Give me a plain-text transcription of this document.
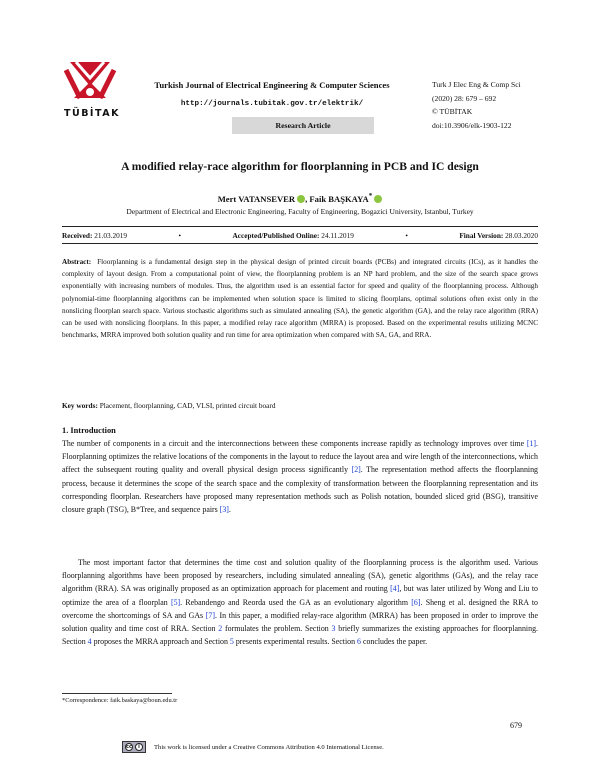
TÜBİTAK
Turkish Journal of Electrical Engineering & Computer Sciences
http://journals.tubitak.gov.tr/elektrik/
Research Article
Turk J Elec Eng & Comp Sci
(2020) 28: 679 – 692
© TÜBİTAK
doi:10.3906/elk-1903-122
A modified relay-race algorithm for floorplanning in PCB and IC design
Mert VATANSEVER , Faik BAŞKAYA*
Department of Electrical and Electronic Engineering, Faculty of Engineering, Bogazici University, Istanbul, Turkey
Received: 21.03.2019	•	Accepted/Published Online: 24.11.2019	•	Final Version: 28.03.2020
Abstract: Floorplanning is a fundamental design step in the physical design of printed circuit boards (PCBs) and integrated circuits (ICs), as it handles the complexity of layout design. From a computational point of view, the floorplanning problem is an NP hard problem, and the size of the search space grows exponentially with increasing numbers of modules. Thus, the algorithm used is an essential factor for speed and quality of the floorplanning process. Although polynomial-time floorplanning algorithms can be implemented when solution space is limited to slicing floorplans, optimal solutions often exist only in the nonslicing floorplan search space. Various stochastic algorithms such as simulated annealing (SA), the genetic algorithm (GA), and the relay race algorithm (RRA) can be used with nonslicing floorplans. In this paper, a modified relay race algorithm (MRRA) is proposed. Based on the experimental results utilizing MCNC benchmarks, MRRA improved both solution quality and run time for area optimization when compared with SA, GA, and RRA.
Key words: Placement, floorplanning, CAD, VLSI, printed circuit board
1. Introduction
The number of components in a circuit and the interconnections between these components increase rapidly as technology improves over time [1]. Floorplanning optimizes the relative locations of the components in the layout to reduce the layout area and wire length of the interconnections, which affect the subsequent routing quality and overall physical design process significantly [2]. The representation method affects the floorplanning process, because it determines the scope of the search space and the complexity of transformation between the floorplanning representation and its corresponding floorplan. Researchers have proposed many representation methods such as Polish notation, bounded sliced grid (BSG), transitive closure graph (TSG), B*Tree, and sequence pairs [3].
The most important factor that determines the time cost and solution quality of the floorplanning process is the algorithm used. Various floorplanning algorithms have been proposed by researchers, including simulated annealing (SA), genetic algorithms (GAs), and the relay race algorithm (RRA). SA was originally proposed as an optimization approach for placement and routing [4], but was later utilized by Wong and Liu to optimize the area of a floorplan [5]. Rebandengo and Reorda used the GA as an evolutionary algorithm [6]. Sheng et al. designed the RRA to overcome the shortcomings of SA and GAs [7]. In this paper, a modified relay-race algorithm (MRRA) has been proposed in order to improve the solution quality and time cost of RRA. Section 2 formulates the problem. Section 3 briefly summarizes the existing approaches for floorplanning. Section 4 proposes the MRRA approach and Section 5 presents experimental results. Section 6 concludes the paper.
*Correspondence: faik.baskaya@boun.edu.tr
679
cc	i	This work is licensed under a Creative Commons Attribution 4.0 International License.
